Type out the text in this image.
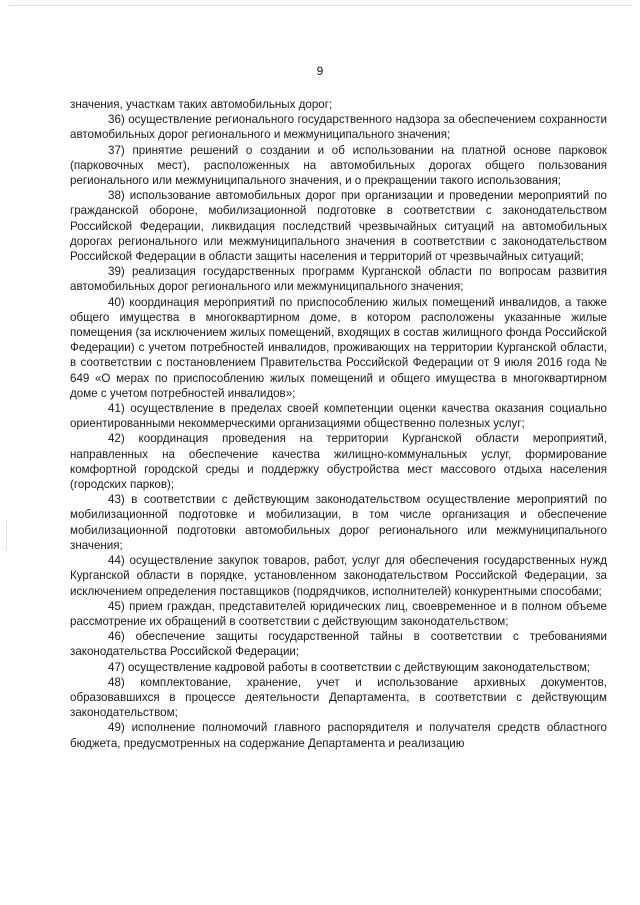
9

значения, участкам таких автомобильных дорог;

36) осуществление регионального государственного надзора за обеспечением сохранности автомобильных дорог регионального и межмуниципального значения;

37) принятие решений о создании и об использовании на платной основе парковок (парковочных мест), расположенных на автомобильных дорогах общего пользования регионального или межмуниципального значения, и о прекращении такого использования;

38) использование автомобильных дорог при организации и проведении мероприятий по гражданской обороне, мобилизационной подготовке в соответствии с законодательством Российской Федерации, ликвидация последствий чрезвычайных ситуаций на автомобильных дорогах регионального или межмуниципального значения в соответствии с законодательством Российской Федерации в области защиты населения и территорий от чрезвычайных ситуаций;

39) реализация государственных программ Курганской области по вопросам развития автомобильных дорог регионального или межмуниципального значения;

40) координация мероприятий по приспособлению жилых помещений инвалидов, а также общего имущества в многоквартирном доме, в котором расположены указанные жилые помещения (за исключением жилых помещений, входящих в состав жилищного фонда Российской Федерации) с учетом потребностей инвалидов, проживающих на территории Курганской области, в соответствии с постановлением Правительства Российской Федерации от 9 июля 2016 года № 649 «О мерах по приспособлению жилых помещений и общего имущества в многоквартирном доме с учетом потребностей инвалидов»;

41) осуществление в пределах своей компетенции оценки качества оказания социально ориентированными некоммерческими организациями общественно полезных услуг;

42) координация проведения на территории Курганской области мероприятий, направленных на обеспечение качества жилищно-коммунальных услуг, формирование комфортной городской среды и поддержку обустройства мест массового отдыха населения (городских парков);

43) в соответствии с действующим законодательством осуществление мероприятий по мобилизационной подготовке и мобилизации, в том числе организация и обеспечение мобилизационной подготовки автомобильных дорог регионального или межмуниципального значения;

44) осуществление закупок товаров, работ, услуг для обеспечения государственных нужд Курганской области в порядке, установленном законодательством Российской Федерации, за исключением определения поставщиков (подрядчиков, исполнителей) конкурентными способами;

45) прием граждан, представителей юридических лиц, своевременное и в полном объеме рассмотрение их обращений в соответствии с действующим законодательством;

46) обеспечение защиты государственной тайны в соответствии с требованиями законодательства Российской Федерации;

47) осуществление кадровой работы в соответствии с действующим законодательством;

48) комплектование, хранение, учет и использование архивных документов, образовавшихся в процессе деятельности Департамента, в соответствии с действующим законодательством;

49) исполнение полномочий главного распорядителя и получателя средств областного бюджета, предусмотренных на содержание Департамента и реализацию
